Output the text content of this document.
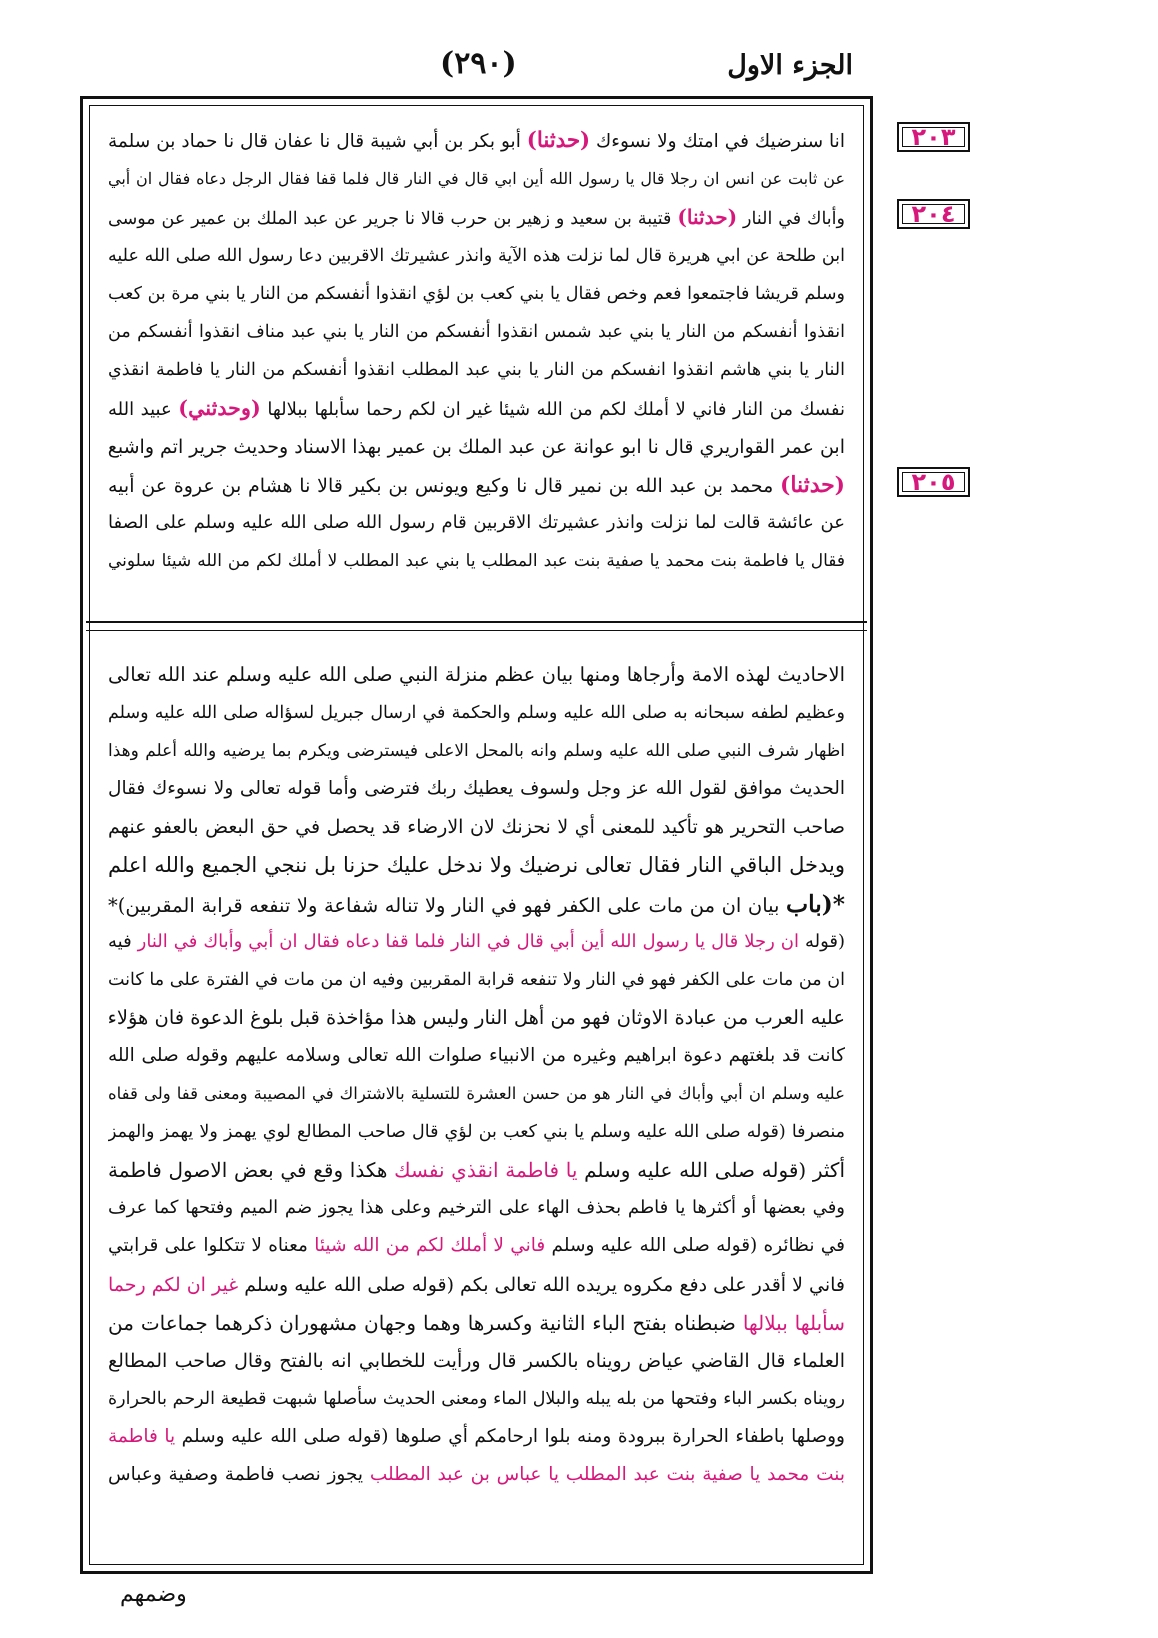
الجزء الاول
(٢٩٠)
٢٠٣
٢٠٤
٢٠٥
انا سنرضيك في امتك ولا نسوءك (حدثنا) أبو بكر بن أبي شيبة قال نا عفان قال نا حماد بن سلمة
عن ثابت عن انس ان رجلا قال يا رسول الله أين ابي قال في النار قال فلما قفا فقال الرجل دعاه فقال ان أبي
وأباك في النار (حدثنا) قتيبة بن سعيد و زهير بن حرب قالا نا جرير عن عبد الملك بن عمير عن موسى
ابن طلحة عن ابي هريرة قال لما نزلت هذه الآية وانذر عشيرتك الاقربين دعا رسول الله صلى الله عليه
وسلم قريشا فاجتمعوا فعم وخص فقال يا بني كعب بن لؤي انقذوا أنفسكم من النار يا بني مرة بن كعب
انقذوا أنفسكم من النار يا بني عبد شمس انقذوا أنفسكم من النار يا بني عبد مناف انقذوا أنفسكم من
النار يا بني هاشم انقذوا انفسكم من النار يا بني عبد المطلب انقذوا أنفسكم من النار يا فاطمة انقذي
نفسك من النار فاني لا أملك لكم من الله شيئا غير ان لكم رحما سأبلها ببلالها (وحدثني) عبيد الله
ابن عمر القواريري قال نا ابو عوانة عن عبد الملك بن عمير بهذا الاسناد وحديث جرير اتم واشبع
(حدثنا) محمد بن عبد الله بن نمير قال نا وكيع ويونس بن بكير قالا نا هشام بن عروة عن أبيه
عن عائشة قالت لما نزلت وانذر عشيرتك الاقربين قام رسول الله صلى الله عليه وسلم على الصفا
فقال يا فاطمة بنت محمد يا صفية بنت عبد المطلب يا بني عبد المطلب لا أملك لكم من الله شيئا سلوني
الاحاديث لهذه الامة وأرجاها ومنها بيان عظم منزلة النبي صلى الله عليه وسلم عند الله تعالى
وعظيم لطفه سبحانه به صلى الله عليه وسلم والحكمة في ارسال جبريل لسؤاله صلى الله عليه وسلم
اظهار شرف النبي صلى الله عليه وسلم وانه بالمحل الاعلى فيسترضى ويكرم بما يرضيه والله أعلم وهذا
الحديث موافق لقول الله عز وجل ولسوف يعطيك ربك فترضى وأما قوله تعالى ولا نسوءك فقال
صاحب التحرير هو تأكيد للمعنى أي لا نحزنك لان الارضاء قد يحصل في حق البعض بالعفو عنهم
ويدخل الباقي النار فقال تعالى نرضيك ولا ندخل عليك حزنا بل ننجي الجميع والله اعلم
*(باب بيان ان من مات على الكفر فهو في النار ولا تناله شفاعة ولا تنفعه قرابة المقربين)*
(قوله ان رجلا قال يا رسول الله أين أبي قال في النار فلما قفا دعاه فقال ان أبي وأباك في النار فيه
ان من مات على الكفر فهو في النار ولا تنفعه قرابة المقربين وفيه ان من مات في الفترة على ما كانت
عليه العرب من عبادة الاوثان فهو من أهل النار وليس هذا مؤاخذة قبل بلوغ الدعوة فان هؤلاء
كانت قد بلغتهم دعوة ابراهيم وغيره من الانبياء صلوات الله تعالى وسلامه عليهم وقوله صلى الله
عليه وسلم ان أبي وأباك في النار هو من حسن العشرة للتسلية بالاشتراك في المصيبة ومعنى قفا ولى قفاه
منصرفا (قوله صلى الله عليه وسلم يا بني كعب بن لؤي قال صاحب المطالع لوي يهمز ولا يهمز والهمز
أكثر (قوله صلى الله عليه وسلم يا فاطمة انقذي نفسك هكذا وقع في بعض الاصول فاطمة
وفي بعضها أو أكثرها يا فاطم بحذف الهاء على الترخيم وعلى هذا يجوز ضم الميم وفتحها كما عرف
في نظائره (قوله صلى الله عليه وسلم فاني لا أملك لكم من الله شيئا معناه لا تتكلوا على قرابتي
فاني لا أقدر على دفع مكروه يريده الله تعالى بكم (قوله صلى الله عليه وسلم غير ان لكم رحما
سأبلها ببلالها ضبطناه بفتح الباء الثانية وكسرها وهما وجهان مشهوران ذكرهما جماعات من
العلماء قال القاضي عياض رويناه بالكسر قال ورأيت للخطابي انه بالفتح وقال صاحب المطالع
رويناه بكسر الباء وفتحها من بله يبله والبلال الماء ومعنى الحديث سأصلها شبهت قطيعة الرحم بالحرارة
ووصلها باطفاء الحرارة ببرودة ومنه بلوا ارحامكم أي صلوها (قوله صلى الله عليه وسلم يا فاطمة
بنت محمد يا صفية بنت عبد المطلب يا عباس بن عبد المطلب يجوز نصب فاطمة وصفية وعباس
وضمهم
